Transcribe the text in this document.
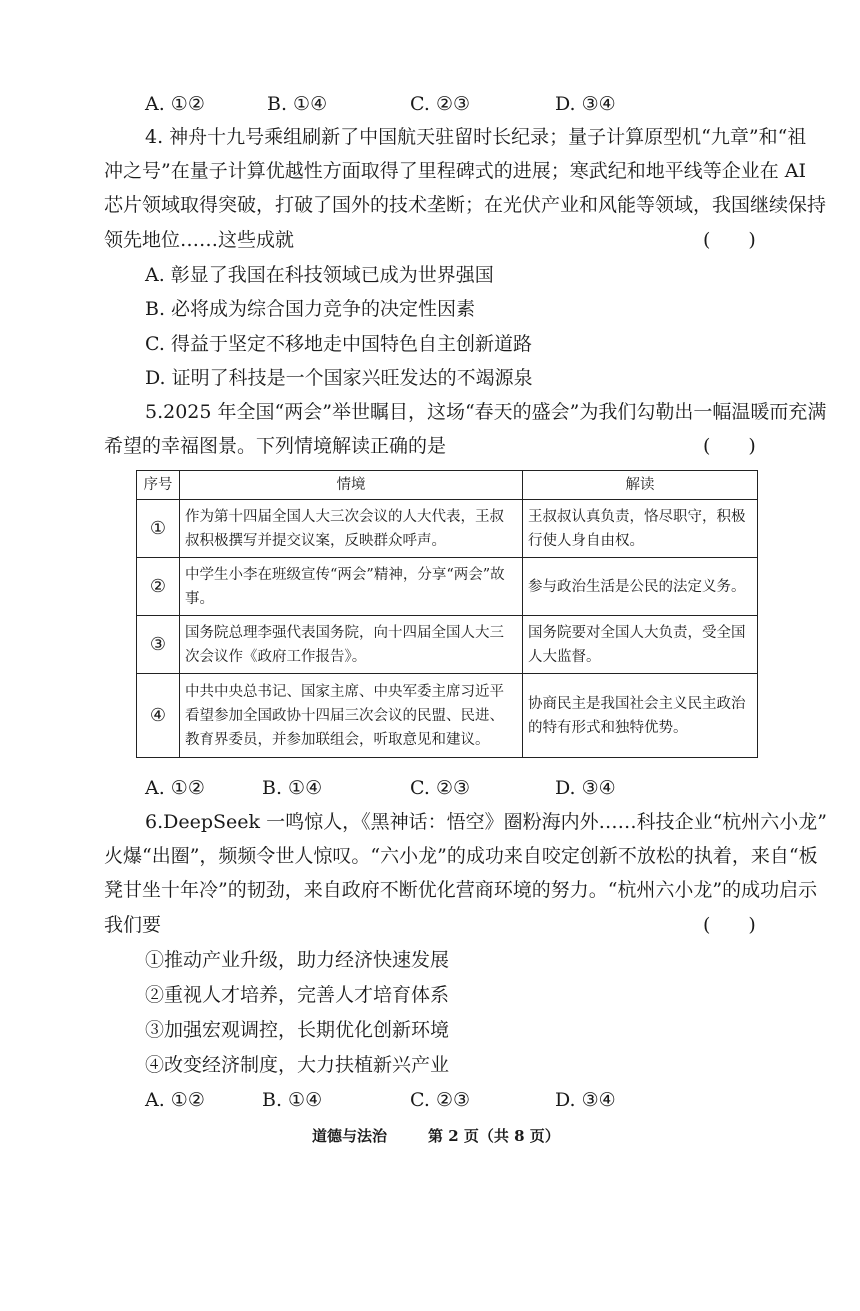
A. ①②	B. ①④	C. ②③	D. ③④
4. 神舟十九号乘组刷新了中国航天驻留时长纪录；量子计算原型机“九章”和“祖
冲之号”在量子计算优越性方面取得了里程碑式的进展；寒武纪和地平线等企业在 AI
芯片领域取得突破，打破了国外的技术垄断；在光伏产业和风能等领域，我国继续保持
领先地位……这些成就	(　　)
A. 彰显了我国在科技领域已成为世界强国
B. 必将成为综合国力竞争的决定性因素
C. 得益于坚定不移地走中国特色自主创新道路
D. 证明了科技是一个国家兴旺发达的不竭源泉
5.2025 年全国“两会”举世瞩目，这场“春天的盛会”为我们勾勒出一幅温暖而充满
希望的幸福图景。下列情境解读正确的是	(　　)
序号	情境	解读
①	作为第十四届全国人大三次会议的人大代表，王叔叔积极撰写并提交议案，反映群众呼声。	王叔叔认真负责，恪尽职守，积极行使人身自由权。
②	中学生小李在班级宣传“两会”精神，分享“两会”故事。	参与政治生活是公民的法定义务。
③	国务院总理李强代表国务院，向十四届全国人大三次会议作《政府工作报告》。	国务院要对全国人大负责，受全国人大监督。
④	中共中央总书记、国家主席、中央军委主席习近平看望参加全国政协十四届三次会议的民盟、民进、教育界委员，并参加联组会，听取意见和建议。	协商民主是我国社会主义民主政治的特有形式和独特优势。
A. ①②	B. ①④	C. ②③	D. ③④
6.DeepSeek 一鸣惊人，《黑神话：悟空》圈粉海内外……科技企业“杭州六小龙”
火爆“出圈”，频频令世人惊叹。“六小龙”的成功来自咬定创新不放松的执着，来自“板
凳甘坐十年冷”的韧劲，来自政府不断优化营商环境的努力。“杭州六小龙”的成功启示
我们要	(　　)
①推动产业升级，助力经济快速发展
②重视人才培养，完善人才培育体系
③加强宏观调控，长期优化创新环境
④改变经济制度，大力扶植新兴产业
A. ①②	B. ①④	C. ②③	D. ③④
道德与法治	第 2 页（共 8 页）
